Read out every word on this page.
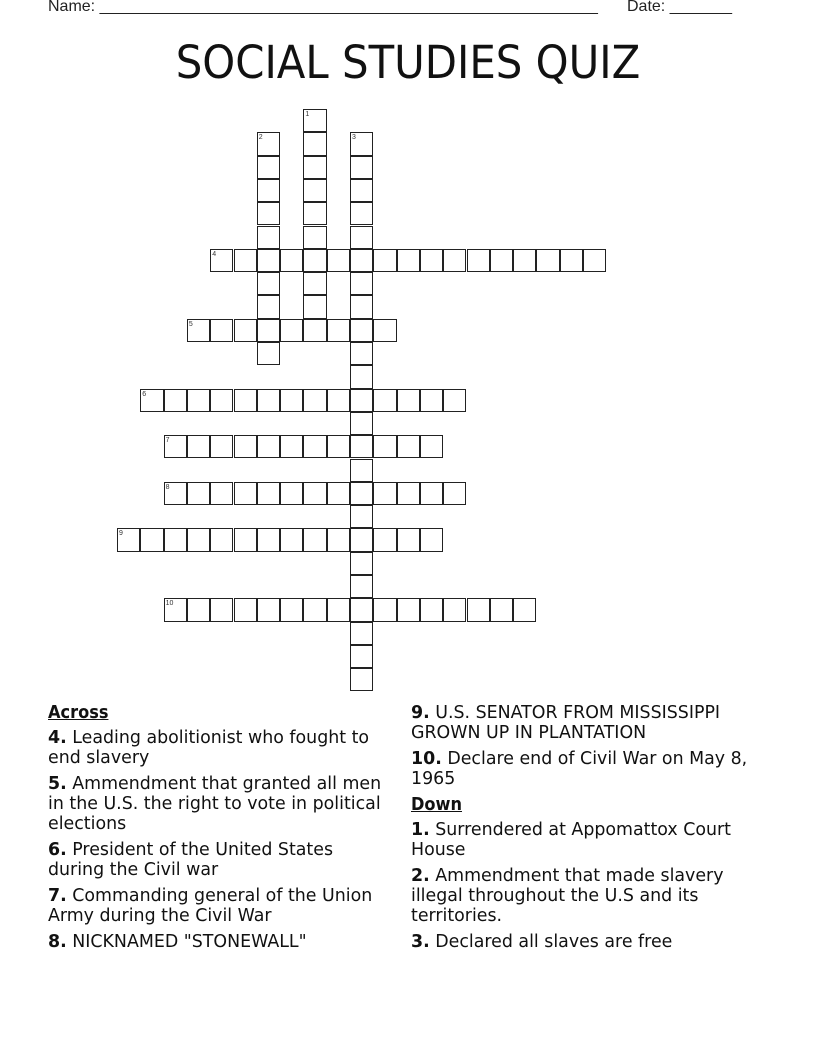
Name: ________________________________________________________ Date: _______
SOCIAL STUDIES QUIZ
1
2	3
4
5
6
7
8
9
10
Across
4. Leading abolitionist who fought to end slavery
5. Ammendment that granted all men in the U.S. the right to vote in political elections
6. President of the United States during the Civil war
7. Commanding general of the Union Army during the Civil War
8. NICKNAMED "STONEWALL"
9. U.S. SENATOR FROM MISSISSIPPI GROWN UP IN PLANTATION
10. Declare end of Civil War on May 8, 1965
Down
1. Surrendered at Appomattox Court House
2. Ammendment that made slavery illegal throughout the U.S and its territories.
3. Declared all slaves are free
